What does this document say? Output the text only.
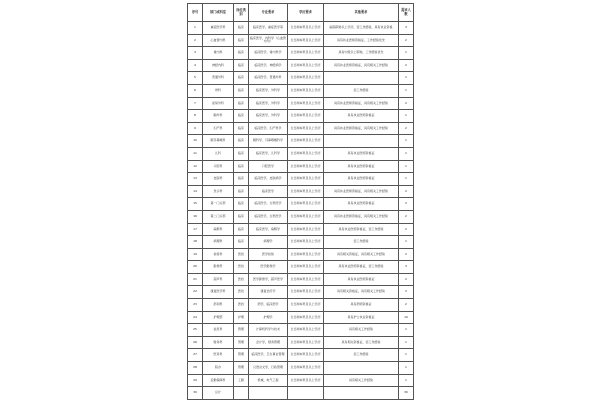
序号	部门或科室	岗位类别	专业要求	学历要求	其他要求	需求人数
1	重症医学科	临床	临床医学，重症医学等	全日制本科及以上学历	副高职称以上学历，需工作经验，具有执业资格	3
2	心血管内科	临床	临床医学，内科学（心血管方向）	全日制本科及以上学历	具有执业医师资格证，工作经验优先	2
3	肾内科	临床	临床医学，肾内科学	全日制本科及以上学历	具有中级以上职称，工作经验优先	1
4	神经内科	临床	临床医学，神经病学	全日制本科及以上学历	具有执业医师资格证，具有相关工作经验	2
5	普通外科	临床	临床医学，普通外科	全日制本科及以上学历		1
6	骨科	临床	临床医学，外科学	全日制本科及以上学历	需工作经验	1
7	泌尿外科	临床	临床医学，外科学	全日制本科及以上学历	具有执业医师资格证，具有相关工作经验	2
8	胸外科	临床	临床医学，外科学	全日制本科及以上学历	具有执业医师资格证	1
9	妇产科	临床	临床医学，妇产科学	全日制本科及以上学历	具有执业医师资格证，具有相关工作经验	2
10	眼耳鼻喉科	临床	眼科学，耳鼻咽喉科学	全日制本科及以上学历		1
11	儿科	临床	临床医学，儿科学	全日制本科及以上学历	具有执业医师资格证	1
12	口腔科	临床	口腔医学	全日制本科及以上学历	具有执业医师资格证	1
13	皮肤科	临床	临床医学，皮肤病学	全日制本科及以上学历	具有执业医师资格证	1
14	急诊科	临床	临床医学	全日制本科及以上学历	具有执业医师资格证，具有相关工作经验	2
15	第一门诊部	临床	临床医学，全科医学	全日制本科及以上学历	具有执业医师资格证	2
16	第二门诊部	临床	临床医学，全科医学	全日制本科及以上学历	具有执业医师资格证，具有相关工作经验	2
17	麻醉科	临床	临床医学，麻醉学	全日制本科及以上学历	具有执业医师资格证，需工作经验	2
18	病理科	临床	病理学	全日制本科及以上学历	需工作经验	1
19	检验科	医技	医学检验	全日制本科及以上学历	具有相关资格证，具有相关工作经验	2
20	影像科	医技	医学影像学	全日制本科及以上学历	具有执业医师资格证，需工作经验	3
21	超声科	医技	医学影像学，超声医学	全日制本科及以上学历	具有执业医师资格证	2
22	康复医学科	医技	康复治疗学	全日制本科及以上学历	具有相关资格证，具有相关工作经验	2
23	药剂科	医技	药学，临床药学	全日制本科及以上学历	具有药师资格证	2
24	护理部	护理	护理学	全日制本科及以上学历	具有护士执业资格证	10
25	信息科	管理	计算机科学与技术	全日制本科及以上学历	具有相关工作经验	1
26	财务科	管理	会计学，财务管理	全日制本科及以上学历	具有相关资格证，需工作经验	1
27	医务科	管理	临床医学，卫生事业管理	全日制本科及以上学历	需工作经验	1
28	院办	管理	汉语言文学，行政管理	全日制本科及以上学历		1
29	后勤保障科	工勤	机械，电气工程	全日制本科及以上学历	具有相关工作经验	1
30	总计					30
